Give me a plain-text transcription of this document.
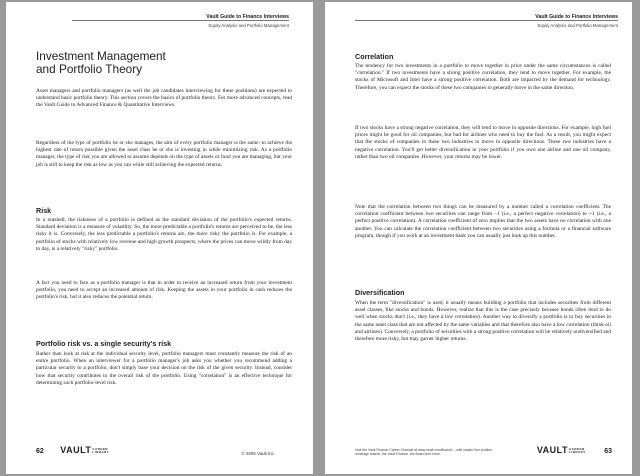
Vault Guide to Finance Interviews
Equity Analysis and Portfolio Management
Investment Management
and Portfolio Theory

Asset managers and portfolio managers (as well the job candidates interviewing for these positions) are expected to understand basic portfolio theory. This section covers the basics of portfolio theory. For more advanced concepts, read the Vault Guide to Advanced Finance & Quantitative Interviews.

Regardless of the type of portfolio he or she manages, the aim of every portfolio manager is the same: to achieve the highest rate of return possible given the asset class he or she is investing in while minimizing risk. As a portfolio manager, the type of risk you are allowed to assume depends on the type of assets or fund you are managing, but your job is still to keep the risk as low as you can while still achieving the expected returns.

Risk

In a nutshell, the riskiness of a portfolio is defined as the standard deviation of the portfolio's expected returns. Standard deviation is a measure of volatility. So, the more predictable a portfolio's returns are perceived to be, the less risky it is. Conversely, the less predictable a portfolio's returns are, the more risky the portfolio is. For example, a portfolio of stocks with relatively low revenue and high growth prospects, where the prices can move wildly from day to day, is a relatively "risky" portfolio.

A fact you need to face as a portfolio manager is that in order to receive an increased return from your investment portfolio, you need to accept an increased amount of risk. Keeping the assets in your portfolio in cash reduces the portfolio's risk, but it also reduces the potential return.

Portfolio risk vs. a single security's risk

Rather than look at risk at the individual security level, portfolio managers must constantly measure the risk of an entire portfolio. When an interviewer for a portfolio manager's job asks you whether you recommend adding a particular security to a portfolio, don't simply base your decision on the risk of the given security. Instead, consider how that security contributes to the overall risk of the portfolio. Using "correlation" is an effective technique for determining such portfolio-level risk.

62 VAULTCAREER
LIBRARY	© 2005 Vault Inc.
Vault Guide to Finance Interviews
Equity Analysis and Portfolio Management
Correlation

The tendency for two investments in a portfolio to move together in price under the same circumstances is called "correlation." If two investments have a strong positive correlation, they tend to move together. For example, the stocks of Microsoft and Intel have a strong positive correlation. Both are impacted by the demand for technology. Therefore, you can expect the stocks of these two companies to generally move in the same direction.

If two stocks have a strong negative correlation, they will tend to move in opposite directions. For example, high fuel prices might be good for oil companies, but bad for airlines who need to buy the fuel. As a result, you might expect that the stocks of companies in these two industries to move in opposite directions. These two industries have a negative correlation. You'll get better diversification in your portfolio if you own one airline and one oil company, rather than two oil companies. However, your returns may be lower.

Note that the correlation between two things can be measured by a number called a correlation coefficient. The correlation coefficient between two securities can range from –1 (i.e., a perfect negative correlation) to +1 (i.e., a perfect positive correlation). A correlation coefficient of zero implies that the two assets have no correlation with one another. You can calculate the correlation coefficient between two securities using a formula or a financial software program, though if you work at an investment bank you can usually just look up this number.

Diversification

When the term "diversification" is used, it usually means building a portfolio that includes securities from different asset classes, like stocks and bonds. However, realize that this is the case precisely because bonds often tend to do well when stocks don't (i.e., they have a low correlation). Another way to diversify a portfolio is to buy securities in the same asset class that are not affected by the same variables and that therefore also have a low correlation (think oil and airlines). Conversely, a portfolio of securities with a strong positive correlation will be relatively undiversified and therefore more risky, but may garner higher returns.

Visit the Vault Finance Career Channel at www.vault.com/finance – with insider firm profiles, message boards, the Vault Finance Job Board and more.	VAULTCAREER
LIBRARY	63
